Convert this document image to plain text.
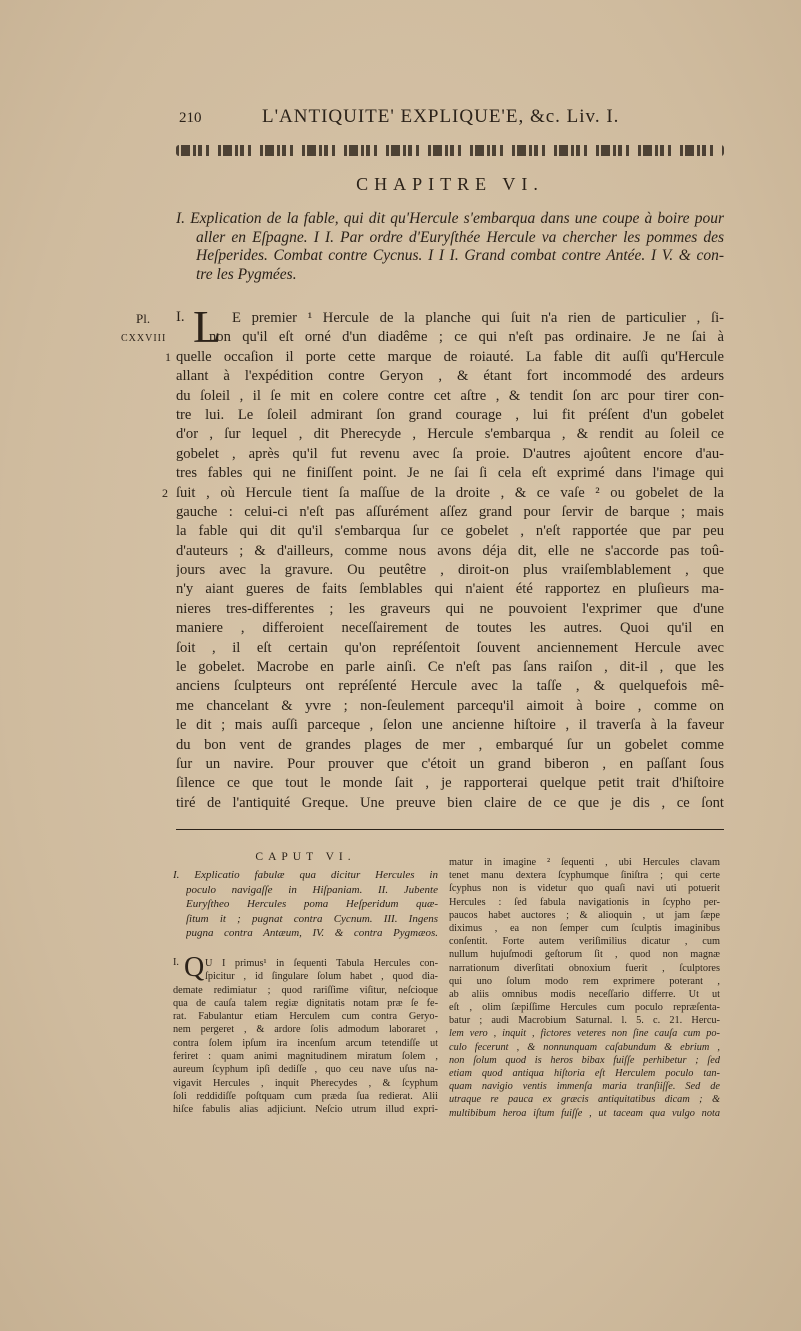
210	L'ANTIQUITE' EXPLIQUE'E, &c. Liv. I.
CHAPITRE VI.
I. Explication de la fable, qui dit qu'Hercule s'embarqua dans une coupe à boire pour
aller en Eſpagne. I I. Par ordre d'Euryſthée Hercule va chercher les pommes des
Heſperides. Combat contre Cycnus. I I I. Grand combat contre Antée. I V. & con-
tre les Pygmées.
Pl.
CXXVIII
1
2
I. L E premier ¹ Hercule de la planche qui ſuit n'a rien de particulier , ſi-
non qu'il eſt orné d'un diadême ; ce qui n'eſt pas ordinaire. Je ne ſai à
quelle occaſion il porte cette marque de roiauté. La fable dit auſſi qu'Hercule
allant à l'expédition contre Geryon , & étant fort incommodé des ardeurs
du ſoleil , il ſe mit en colere contre cet aſtre , & tendit ſon arc pour tirer con-
tre lui. Le ſoleil admirant ſon grand courage , lui fit préſent d'un gobelet
d'or , ſur lequel , dit Pherecyde , Hercule s'embarqua , & rendit au ſoleil ce
gobelet , après qu'il fut revenu avec ſa proie. D'autres ajoûtent encore d'au-
tres fables qui ne finiſſent point. Je ne ſai ſi cela eſt exprimé dans l'image qui
ſuit , où Hercule tient ſa maſſue de la droite , & ce vaſe ² ou gobelet de la
gauche : celui-ci n'eſt pas aſſurément aſſez grand pour ſervir de barque ; mais
la fable qui dit qu'il s'embarqua ſur ce gobelet , n'eſt rapportée que par peu
d'auteurs ; & d'ailleurs, comme nous avons déja dit, elle ne s'accorde pas toû-
jours avec la gravure. Ou peutêtre , diroit-on plus vraiſemblablement , que
n'y aiant gueres de faits ſemblables qui n'aient été rapportez en pluſieurs ma-
nieres tres-differentes ; les graveurs qui ne pouvoient l'exprimer que d'une
maniere , differoient neceſſairement de toutes les autres. Quoi qu'il en
ſoit , il eſt certain qu'on repréſentoit ſouvent anciennement Hercule avec
le gobelet. Macrobe en parle ainſi. Ce n'eſt pas ſans raiſon , dit-il , que les
anciens ſculpteurs ont repréſenté Hercule avec la taſſe , & quelquefois mê-
me chancelant & yvre ; non-ſeulement parcequ'il aimoit à boire , comme on
le dit ; mais auſſi parceque , ſelon une ancienne hiſtoire , il traverſa à la faveur
du bon vent de grandes plages de mer , embarqué ſur un gobelet comme
ſur un navire. Pour prouver que c'étoit un grand biberon , en paſſant ſous
ſilence ce que tout le monde ſait , je rapporterai quelque petit trait d'hiſtoire
tiré de l'antiquité Greque. Une preuve bien claire de ce que je dis , ce ſont
CAPUT VI.
I. Explicatio fabulæ qua dicitur Hercules in
poculo navigaſſe in Hiſpaniam. II. Jubente
Euryſtheo Hercules poma Heſperidum quæ-
ſitum it ; pugnat contra Cycnum. III. Ingens
pugna contra Antæum, IV. & contra Pygmæos.
Q U I primus¹ in ſequenti Tabula Hercules con-
ſpicitur , id ſingulare ſolum habet , quod dia-
demate redimiatur ; quod rariſſime viſitur, neſcioque
qua de cauſa talem regiæ dignitatis notam præ ſe fe-
rat. Fabulantur etiam Herculem cum contra Geryo-
nem pergeret , & ardore ſolis admodum laboraret ,
contra ſolem ipſum ira incenſum arcum tetendiſſe ut
feriret : quam animi magnitudinem miratum ſolem ,
aureum ſcyphum ipſi dediſſe , quo ceu nave uſus na-
vigavit Hercules , inquit Pherecydes , & ſcyphum
ſoli reddidiſſe poſtquam cum præda ſua redierat. Alii
hiſce fabulis alias adjiciunt. Neſcio utrum illud expri-
matur in imagine ² ſequenti , ubi Hercules clavam
tenet manu dextera ſcyphumque ſiniſtra ; qui certe
ſcyphus non is videtur quo quaſi navi uti potuerit
Hercules : ſed fabula navigationis in ſcypho per-
paucos habet auctores ; & alioquin , ut jam ſæpe
diximus , ea non ſemper cum ſculptis imaginibus
conſentit. Forte autem veriſimilius dicatur , cum
nullum hujuſmodi geſtorum ſit , quod non magnæ
narrationum diverſitati obnoxium fuerit , ſculptores
qui uno ſolum modo rem exprimere poterant ,
ab aliis omnibus modis neceſſario differre. Ut ut
eſt , olim ſæpiſſime Hercules cum poculo repræſenta-
batur ; audi Macrobium Saturnal. l. 5. c. 21. Hercu-
lem vero , inquit , fictores veteres non ſine cauſa cum po-
culo fecerunt , & nonnunquam caſabundum & ebrium ,
non ſolum quod is heros bibax fuiſſe perhibetur ; ſed
etiam quod antiqua hiſtoria eſt Herculem poculo tan-
quam navigio ventis immenſa maria tranſiiſſe. Sed de
utraque re pauca ex græcis antiquitatibus dicam ; &
multibibum heroa iſtum fuiſſe , ut taceam qua vulgo nota
I.
